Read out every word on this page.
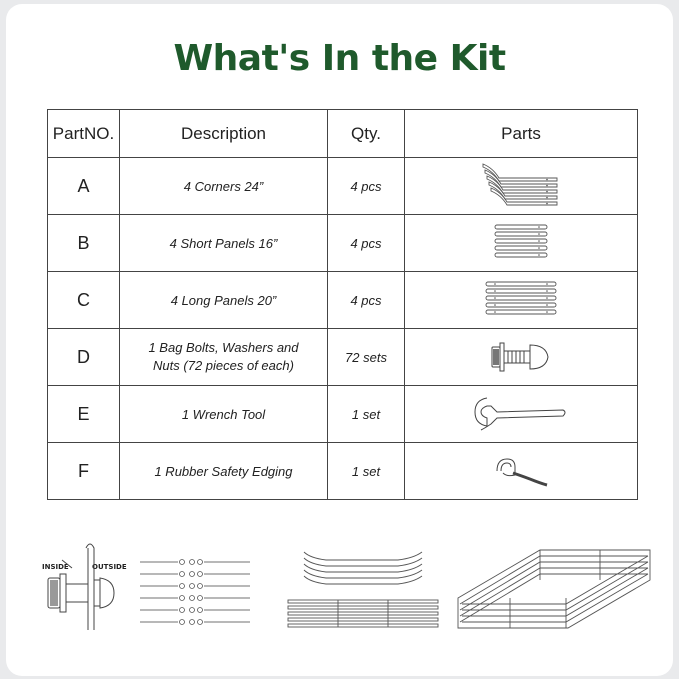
What's In the Kit
PartNO.	Description	Qty.	Parts
A	4 Corners 24”	4 pcs	

B	4 Short Panels 16”	4 pcs	

C	4 Long Panels 20”	4 pcs	

D	1 Bag Bolts, Washers and Nuts (72 pieces of each)	72 sets	

E	1 Wrench Tool	1 set	

F	1 Rubber Safety Edging	1 set	
INSIDE	OUTSIDE
